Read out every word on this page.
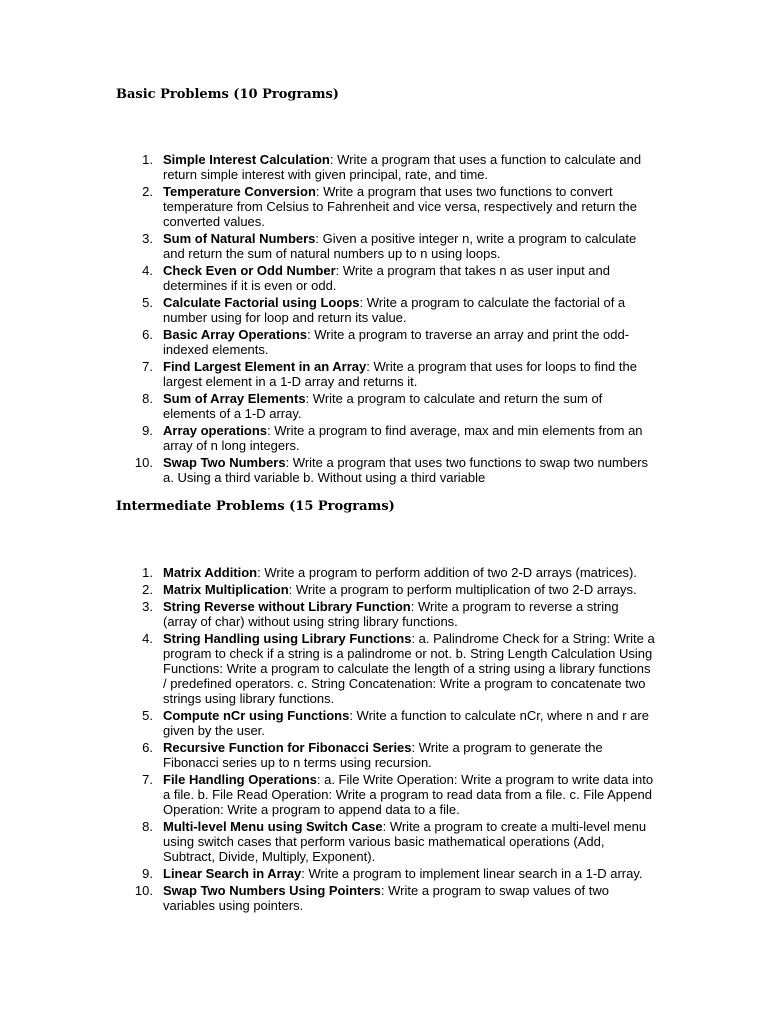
Basic Problems (10 Programs)
1. Simple Interest Calculation: Write a program that uses a function to calculate and return simple interest with given principal, rate, and time.
2. Temperature Conversion: Write a program that uses two functions to convert temperature from Celsius to Fahrenheit and vice versa, respectively and return the converted values.
3. Sum of Natural Numbers: Given a positive integer n, write a program to calculate and return the sum of natural numbers up to n using loops.
4. Check Even or Odd Number: Write a program that takes n as user input and determines if it is even or odd.
5. Calculate Factorial using Loops: Write a program to calculate the factorial of a number using for loop and return its value.
6. Basic Array Operations: Write a program to traverse an array and print the odd-indexed elements.
7. Find Largest Element in an Array: Write a program that uses for loops to find the largest element in a 1-D array and returns it.
8. Sum of Array Elements: Write a program to calculate and return the sum of elements of a 1-D array.
9. Array operations: Write a program to find average, max and min elements from an array of n long integers.
10. Swap Two Numbers: Write a program that uses two functions to swap two numbers a. Using a third variable b. Without using a third variable
Intermediate Problems (15 Programs)
1. Matrix Addition: Write a program to perform addition of two 2-D arrays (matrices).
2. Matrix Multiplication: Write a program to perform multiplication of two 2-D arrays.
3. String Reverse without Library Function: Write a program to reverse a string (array of char) without using string library functions.
4. String Handling using Library Functions: a. Palindrome Check for a String: Write a program to check if a string is a palindrome or not. b. String Length Calculation Using Functions: Write a program to calculate the length of a string using a library functions / predefined operators. c. String Concatenation: Write a program to concatenate two strings using library functions.
5. Compute nCr using Functions: Write a function to calculate nCr, where n and r are given by the user.
6. Recursive Function for Fibonacci Series: Write a program to generate the Fibonacci series up to n terms using recursion.
7. File Handling Operations: a. File Write Operation: Write a program to write data into a file. b. File Read Operation: Write a program to read data from a file. c. File Append Operation: Write a program to append data to a file.
8. Multi-level Menu using Switch Case: Write a program to create a multi-level menu using switch cases that perform various basic mathematical operations (Add, Subtract, Divide, Multiply, Exponent).
9. Linear Search in Array: Write a program to implement linear search in a 1-D array.
10. Swap Two Numbers Using Pointers: Write a program to swap values of two variables using pointers.
